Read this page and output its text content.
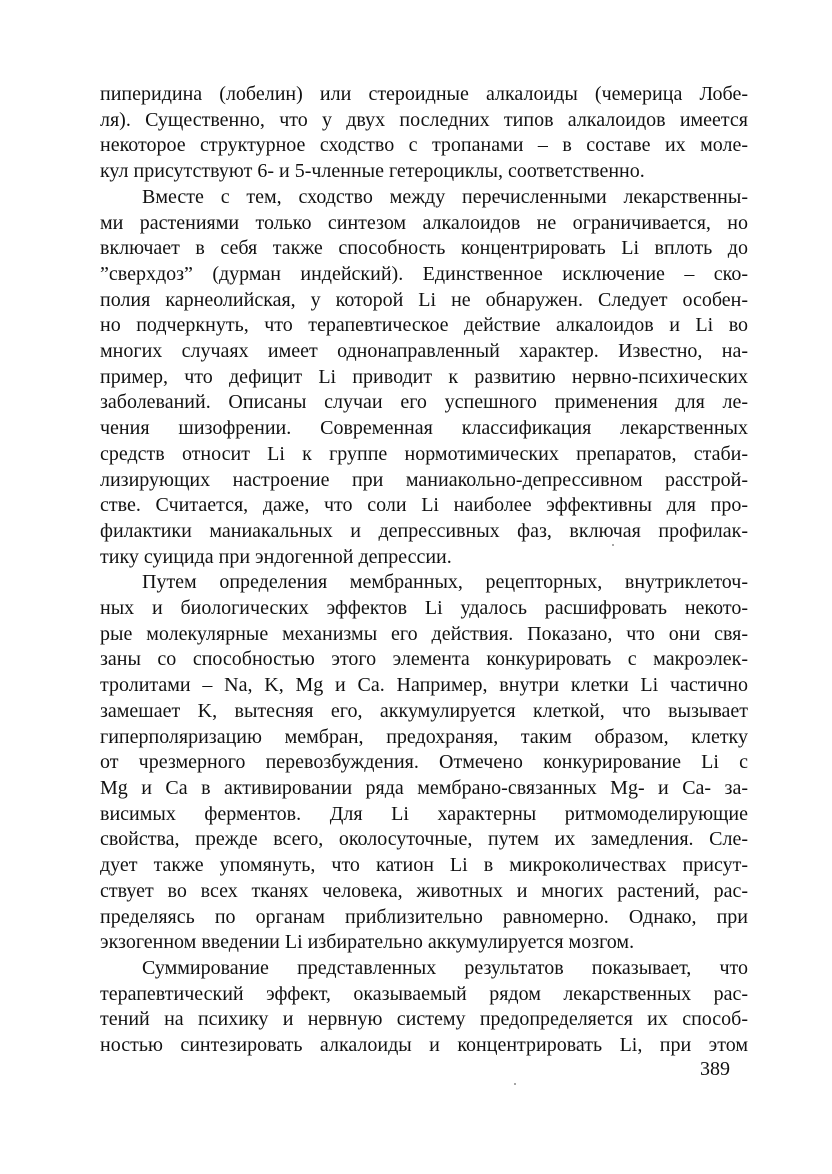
пиперидина (лобелин) или стероидные алкалоиды (чемерица Лобе-
ля). Существенно, что у двух последних типов алкалоидов имеется
некоторое структурное сходство с тропанами – в составе их моле-
кул присутствуют 6- и 5-членные гетероциклы, соответственно.
Вместе с тем, сходство между перечисленными лекарственны-
ми растениями только синтезом алкалоидов не ограничивается, но
включает в себя также способность концентрировать Li вплоть до
”сверхдоз” (дурман индейский). Единственное исключение – ско-
полия карнеолийская, у которой Li не обнаружен. Следует особен-
но подчеркнуть, что терапевтическое действие алкалоидов и Li во
многих случаях имеет однонаправленный характер. Известно, на-
пример, что дефицит Li приводит к развитию нервно-психических
заболеваний. Описаны случаи его успешного применения для ле-
чения шизофрении. Современная классификация лекарственных
средств относит Li к группе нормотимических препаратов, стаби-
лизирующих настроение при маниакольно-депрессивном расстрой-
стве. Считается, даже, что соли Li наиболее эффективны для про-
филактики маниакальных и депрессивных фаз, включая профилак-
тику суицида при эндогенной депрессии.
Путем определения мембранных, рецепторных, внутриклеточ-
ных и биологических эффектов Li удалось расшифровать некото-
рые молекулярные механизмы его действия. Показано, что они свя-
заны со способностью этого элемента конкурировать с макроэлек-
тролитами – Na, K, Mg и Ca. Например, внутри клетки Li частично
замешает K, вытесняя его, аккумулируется клеткой, что вызывает
гиперполяризацию мембран, предохраняя, таким образом, клетку
от чрезмерного перевозбуждения. Отмечено конкурирование Li с
Mg и Ca в активировании ряда мембрано-связанных Mg- и Ca- за-
висимых ферментов. Для Li характерны ритмомоделирующие
свойства, прежде всего, околосуточные, путем их замедления. Сле-
дует также упомянуть, что катион Li в микроколичествах присут-
ствует во всех тканях человека, животных и многих растений, рас-
пределяясь по органам приблизительно равномерно. Однако, при
экзогенном введении Li избирательно аккумулируется мозгом.
Суммирование представленных результатов показывает, что
терапевтический эффект, оказываемый рядом лекарственных рас-
тений на психику и нервную систему предопределяется их способ-
ностью синтезировать алкалоиды и концентрировать Li, при этом
389
